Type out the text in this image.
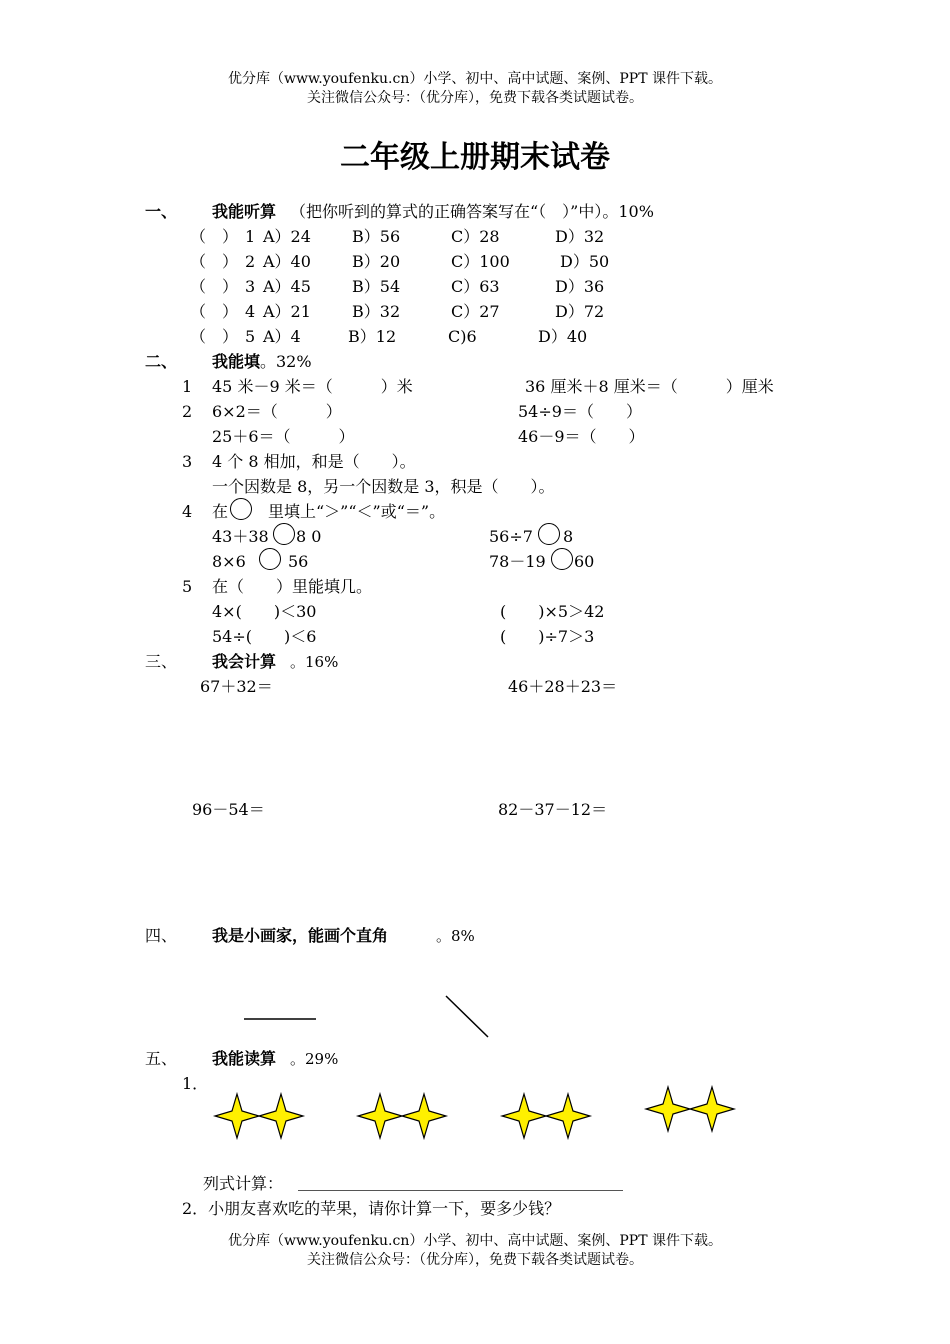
优分库（www.youfenku.cn）小学、初中、高中试题、案例、PPT 课件下载。
关注微信公众号：（优分库），免费下载各类试题试卷。
二年级上册期末试卷
一、 我能听算 （把你听到的算式的正确答案写在“（　）”中）。10%
（　） 1 A）24	B）56	C）28	D）32
（　） 2 A）40	B）20	C）100	D）50
（　） 3 A）45	B）54	C）63	D）36
（　） 4 A）21	B）32	C）27	D）72
（　） 5 A）4	B）12	C)6	D）40
二、 我能填 。32%
1 45 米－9 米＝（　　　）米	36 厘米＋8 厘米＝（　　　）厘米
2 6×2＝（　　　）	54÷9＝（　　）
25＋6＝（　　　）	46－9＝（　　）
3 4 个 8 相加，和是（　　）。
一个因数是 8，另一个因数是 3，积是（　　）。
4 在 里填上“＞”“＜”或“＝”。
43＋38 8 0	56÷7 8
8×6	56	78－19 60
5 在（　　）里能填几。
4×(　　)＜30	(　　)×5＞42
54÷(　　)＜6	(　　)÷7＞3
三、 我会计算 。16%
67＋32＝	46＋28＋23＝
96－54＝	82－37－12＝
四、 我是小画家，能画个直角	。8%
五、 我能读算 。29%
1．
列式计算：
2．小朋友喜欢吃的苹果，请你计算一下，要多少钱？
优分库（www.youfenku.cn）小学、初中、高中试题、案例、PPT 课件下载。
关注微信公众号：（优分库），免费下载各类试题试卷。
